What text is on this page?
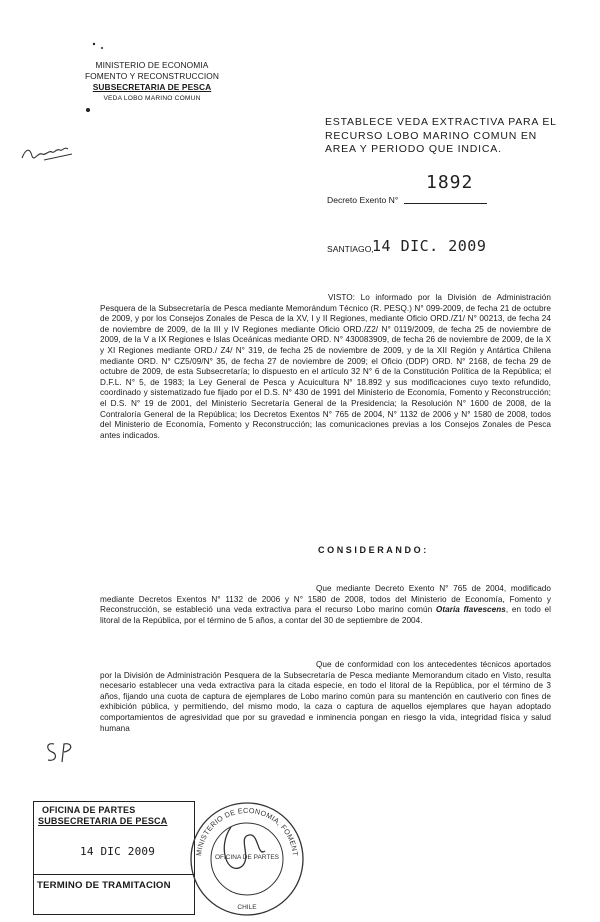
MINISTERIO DE ECONOMIA
FOMENTO Y RECONSTRUCCION
SUBSECRETARIA DE PESCA
VEDA LOBO MARINO COMUN
ESTABLECE VEDA EXTRACTIVA PARA EL RECURSO LOBO MARINO COMUN EN AREA Y PERIODO QUE INDICA.
1892
Decreto Exento N°
SANTIAGO,
14 DIC. 2009
VISTO: Lo informado por la División de Administración Pesquera de la Subsecretaría de Pesca mediante Memorándum Técnico (R. PESQ.) N° 099-2009, de fecha 21 de octubre de 2009, y por los Consejos Zonales de Pesca de la XV, I y II Regiones, mediante Oficio ORD./Z1/ N° 00213, de fecha 24 de noviembre de 2009, de la III y IV Regiones mediante Oficio ORD./Z2/ N° 0119/2009, de fecha 25 de noviembre de 2009, de la V a IX Regiones e Islas Oceánicas mediante ORD. N° 430083909, de fecha 26 de noviembre de 2009, de la X y XI Regiones mediante ORD./ Z4/ N° 319, de fecha 25 de noviembre de 2009, y de la XII Región y Antártica Chilena mediante ORD. N° CZ5/09/N° 35, de fecha 27 de noviembre de 2009; el Oficio (DDP) ORD. N° 2168, de fecha 29 de octubre de 2009, de esta Subsecretaría; lo dispuesto en el artículo 32 N° 6 de la Constitución Política de la República; el D.F.L. N° 5, de 1983; la Ley General de Pesca y Acuicultura N° 18.892 y sus modificaciones cuyo texto refundido, coordinado y sistematizado fue fijado por el D.S. N° 430 de 1991 del Ministerio de Economía, Fomento y Reconstrucción; el D.S. N° 19 de 2001, del Ministerio Secretaría General de la Presidencia; la Resolución N° 1600 de 2008, de la Contraloría General de la República; los Decretos Exentos N° 765 de 2004, N° 1132 de 2006 y N° 1580 de 2008, todos del Ministerio de Economía, Fomento y Reconstrucción; las comunicaciones previas a los Consejos Zonales de Pesca antes indicados.
CONSIDERANDO:
Que mediante Decreto Exento N° 765 de 2004, modificado mediante Decretos Exentos N° 1132 de 2006 y N° 1580 de 2008, todos del Ministerio de Economía, Fomento y Reconstrucción, se estableció una veda extractiva para el recurso Lobo marino común Otaria flavescens, en todo el litoral de la República, por el término de 5 años, a contar del 30 de septiembre de 2004.
Que de conformidad con los antecedentes técnicos aportados por la División de Administración Pesquera de la Subsecretaría de Pesca mediante Memorandum citado en Visto, resulta necesario establecer una veda extractiva para la citada especie, en todo el litoral de la República, por el término de 3 años, fijando una cuota de captura de ejemplares de Lobo marino común para su mantención en cautiverio con fines de exhibición pública, y permitiendo, del mismo modo, la caza o captura de aquellos ejemplares que hayan adoptado comportamientos de agresividad que por su gravedad e inminencia pongan en riesgo la vida, integridad física y salud humana
OFICINA DE PARTES
SUBSECRETARIA DE PESCA
14 DIC 2009
TERMINO DE TRAMITACION
MINISTERIO DE ECONOMIA, FOMENT
OFICINA DE PARTES
CHILE
